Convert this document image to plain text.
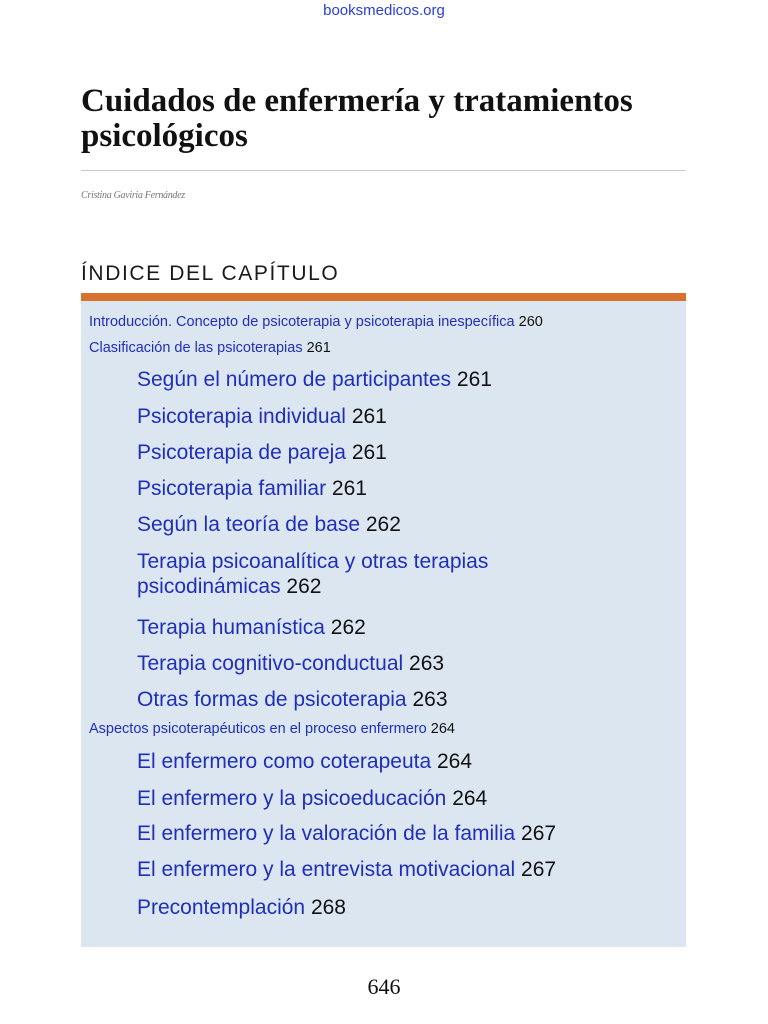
booksmedicos.org
Cuidados de enfermería y tratamientos psicológicos
Cristina Gaviria Fernández
ÍNDICE DEL CAPÍTULO

Introducción. Concepto de psicoterapia y psicoterapia inespecífica 260

Clasificación de las psicoterapias 261

Según el número de participantes 261

Psicoterapia individual 261

Psicoterapia de pareja 261

Psicoterapia familiar 261

Según la teoría de base 262

Terapia psicoanalítica y otras terapias psicodinámicas 262

Terapia humanística 262

Terapia cognitivo-conductual 263

Otras formas de psicoterapia 263

Aspectos psicoterapéuticos en el proceso enfermero 264

El enfermero como coterapeuta 264

El enfermero y la psicoeducación 264

El enfermero y la valoración de la familia 267

El enfermero y la entrevista motivacional 267

Precontemplación 268

646
